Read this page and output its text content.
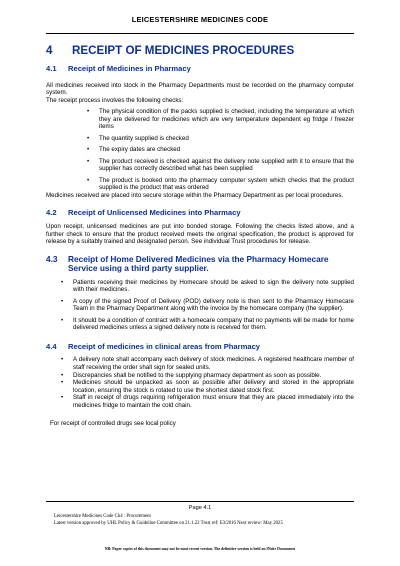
LEICESTERSHIRE MEDICINES CODE
4	RECEIPT OF MEDICINES PROCEDURES
4.1	Receipt of Medicines in Pharmacy

All medicines received into stock in the Pharmacy Departments must be recorded on the pharmacy computer system.

The receipt process involves the following checks:

• The physical condition of the packs supplied is checked, including the temperature at which they are delivered for medicines which are very temperature dependent eg fridge / freezer items
• The quantity supplied is checked
• The expiry dates are checked
• The product received is checked against the delivery note supplied with it to ensure that the supplier has correctly described what has been supplied
• The product is booked onto the pharmacy computer system which checks that the product supplied is the product that was ordered

Medicines received are placed into secure storage within the Pharmacy Department as per local procedures.

4.2	Receipt of Unlicensed Medicines into Pharmacy

Upon receipt, unlicensed medicines are put into bonded storage. Following the checks listed above, and a further check to ensure that the product received meets the original specification, the product is approved for release by a suitably trained and designated person. See individual Trust procedures for release.

4.3	Receipt of Home Delivered Medicines via the Pharmacy Homecare
Service using a third party supplier.
• Patients receiving their medicines by Homecare should be asked to sign the delivery note supplied with their medicines.
• A copy of the signed Proof of Delivery (POD) delivery note is then sent to the Pharmacy Homecare Team in the Pharmacy Department along with the invoice by the homecare company (the supplier).
• It should be a condition of contract with a homecare company that no payments will be made for home delivered medicines unless a signed delivery note is received for them.
4.4	Receipt of medicines in clinical areas from Pharmacy
• A delivery note shall accompany each delivery of stock medicines. A registered healthcare member of staff receiving the order shall sign for sealed units.
• Discrepancies shall be notified to the supplying pharmacy department as soon as possible.
• Medicines should be unpacked as soon as possible after delivery and stored in the appropriate location, ensuring the stock is rotated to use the shortest dated stock first.
• Staff in receipt of drugs requiring refrigeration must ensure that they are placed immediately into the medicines fridge to maintain the cold chain.

For receipt of controlled drugs see local policy

Page 4.1
Leicestershire Medicines Code Ch4 : Procurement
Latest version approved by UHL Policy & Guideline Committee on 21.1.22 Trust ref: E3/2016 Next review: May 2025
NB: Paper copies of this document may not be most recent version. The definitive version is held on INsite Documents
